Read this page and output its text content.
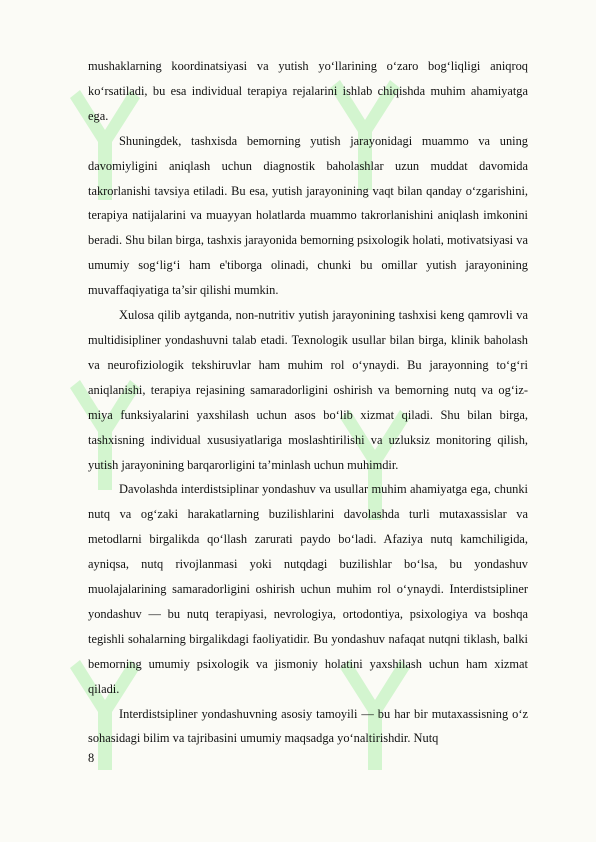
mushaklarning koordinatsiyasi va yutish yo‘llarining o‘zaro bog‘liqligi aniqroq ko‘rsatiladi, bu esa individual terapiya rejalarini ishlab chiqishda muhim ahamiyatga ega.

Shuningdek, tashxisda bemorning yutish jarayonidagi muammo va uning davomiyligini aniqlash uchun diagnostik baholashlar uzun muddat davomida takrorlanishi tavsiya etiladi. Bu esa, yutish jarayonining vaqt bilan qanday o‘zgarishini, terapiya natijalarini va muayyan holatlarda muammo takrorlanishini aniqlash imkonini beradi. Shu bilan birga, tashxis jarayonida bemorning psixologik holati, motivatsiyasi va umumiy sog‘lig‘i ham e'tiborga olinadi, chunki bu omillar yutish jarayonining muvaffaqiyatiga ta’sir qilishi mumkin.

Xulosa qilib aytganda, non-nutritiv yutish jarayonining tashxisi keng qamrovli va multidisipliner yondashuvni talab etadi. Texnologik usullar bilan birga, klinik baholash va neurofiziologik tekshiruvlar ham muhim rol o‘ynaydi. Bu jarayonning to‘g‘ri aniqlanishi, terapiya rejasining samaradorligini oshirish va bemorning nutq va og‘iz-miya funksiyalarini yaxshilash uchun asos bo‘lib xizmat qiladi. Shu bilan birga, tashxisning individual xususiyatlariga moslashtirilishi va uzluksiz monitoring qilish, yutish jarayonining barqarorligini ta’minlash uchun muhimdir.

Davolashda interdistsiplinar yondashuv va usullar muhim ahamiyatga ega, chunki nutq va og‘zaki harakatlarning buzilishlarini davolashda turli mutaxassislar va metodlarni birgalikda qo‘llash zarurati paydo bo‘ladi. Afaziya nutq kamchiligida, ayniqsa, nutq rivojlanmasi yoki nutqdagi buzilishlar bo‘lsa, bu yondashuv muolajalarining samaradorligini oshirish uchun muhim rol o‘ynaydi. Interdistsipliner yondashuv — bu nutq terapiyasi, nevrologiya, ortodontiya, psixologiya va boshqa tegishli sohalarning birgalikdagi faoliyatidir. Bu yondashuv nafaqat nutqni tiklash, balki bemorning umumiy psixologik va jismoniy holatini yaxshilash uchun ham xizmat qiladi.

Interdistsipliner yondashuvning asosiy tamoyili — bu har bir mutaxassisning o‘z sohasidagi bilim va tajribasini umumiy maqsadga yo‘naltirishdir. Nutq

8
